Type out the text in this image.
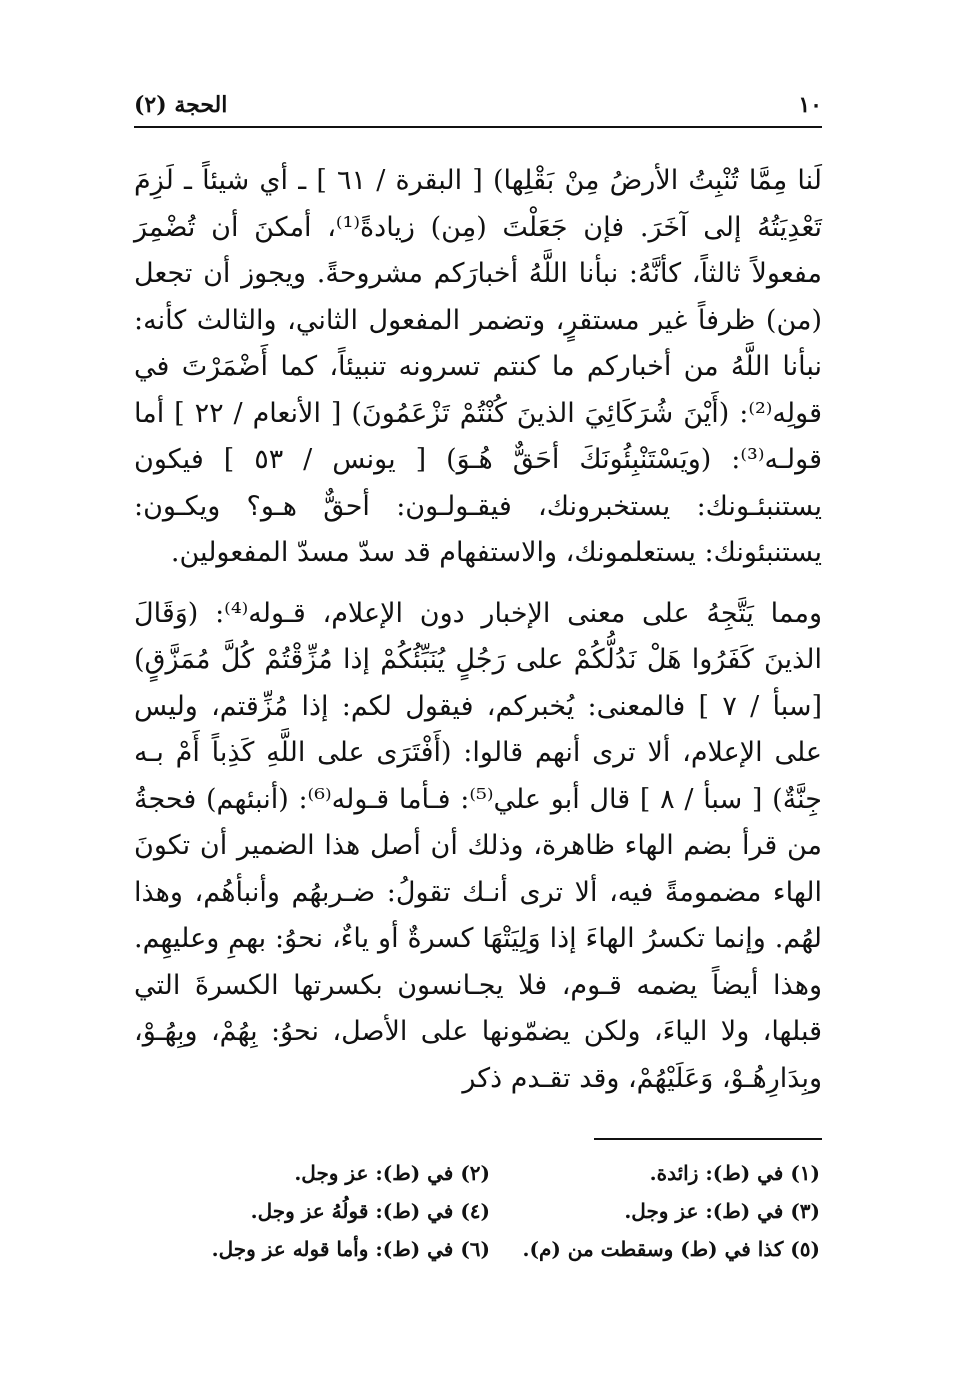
١٠
الحجة (٢)

لَنا مِمَّا تُنْبِتُ الأرضُ مِنْ بَقْلِها) [ البقرة / ٦١ ] ـ أي شيئاً ـ لَزِمَ تَعْدِيَتُهُ إلى آخَرَ. فإن جَعَلْتَ (مِن) زيادةً⁽¹⁾، أمكنَ أن تُضْمِرَ مفعولاً ثالثاً، كأنَّهُ: نبأنا اللَّهُ أخبارَكم مشروحةً. ويجوز أن تجعل (من) ظرفاً غير مستقرٍ، وتضمر المفعول الثاني، والثالث كأنه: نبأنا اللَّهُ من أخباركم ما كنتم تسرونه تنبيئاً، كما أَضْمَرْتَ في قولِه⁽²⁾: (أَيْنَ شُرَكَائِيَ الذينَ كُنْتُمْ تَزْعَمُونَ) [ الأنعام / ٢٢ ] أما قولـه⁽³⁾: (ويَسْتَنْبِئُونَكَ أحَقٌّ هُـوَ) [ يونس / ٥٣ ] فيكون يستنبئـونك: يستخبرونك، فيقـولـون: أحقٌّ هـو؟ ويكـون: يستنبئونك: يستعلمونك، والاستفهام قد سدّ مسدّ المفعولين.

ومما يَتَّجِهُ على معنى الإخبار دون الإعلام، قـوله⁽⁴⁾: (وَقَالَ الذينَ كَفَرُوا هَلْ نَدُلُّكُمْ على رَجُلٍ يُنَبِّئُكُمْ إذا مُزِّقْتُمْ كُلَّ مُمَزَّقٍ) [سبأ / ٧ ] فالمعنى: يُخبركم، فيقول لكم: إذا مُزِّقتم، وليس على الإعلام، ألا ترى أنهم قالوا: (أَفْتَرَى على اللَّهِ كَذِباً أَمْ بـه جِنَّةٌ) [ سبأ / ٨ ] قال أبو علي⁽⁵⁾: فـأما قـوله⁽⁶⁾: (أنبئهم) فحجةُ من قرأ بضم الهاء ظاهرة، وذلك أن أصل هذا الضمير أن تكونَ الهاء مضمومةً فيه، ألا ترى أنـك تقولُ: ضـربهُم وأنبأهُم، وهذا لهُم. وإنما تكسرُ الهاءَ إذا وَلِيَتْهَا كسرةٌ أو ياءٌ، نحوُ: بهمِ وعليهِم. وهذا أيضاً يضمه قـوم، فلا يجـانسون بكسرتها الكسرةَ التي قبلها، ولا الياءَ، ولكن يضمّونها على الأصل، نحوُ: بِهُمْ، وبِهُـوْ، وبِدَارِهُـوْ، وَعَلَيْهُمْ، وقد تقـدم ذكر

(١) في (ط): زائدة.
(٢) في (ط): عز وجل.
(٣) في (ط): عز وجل.
(٤) في (ط): قولُهُ عز وجل.
(٥) كذا في (ط) وسقطت من (م).
(٦) في (ط): وأما قوله عز وجل.
